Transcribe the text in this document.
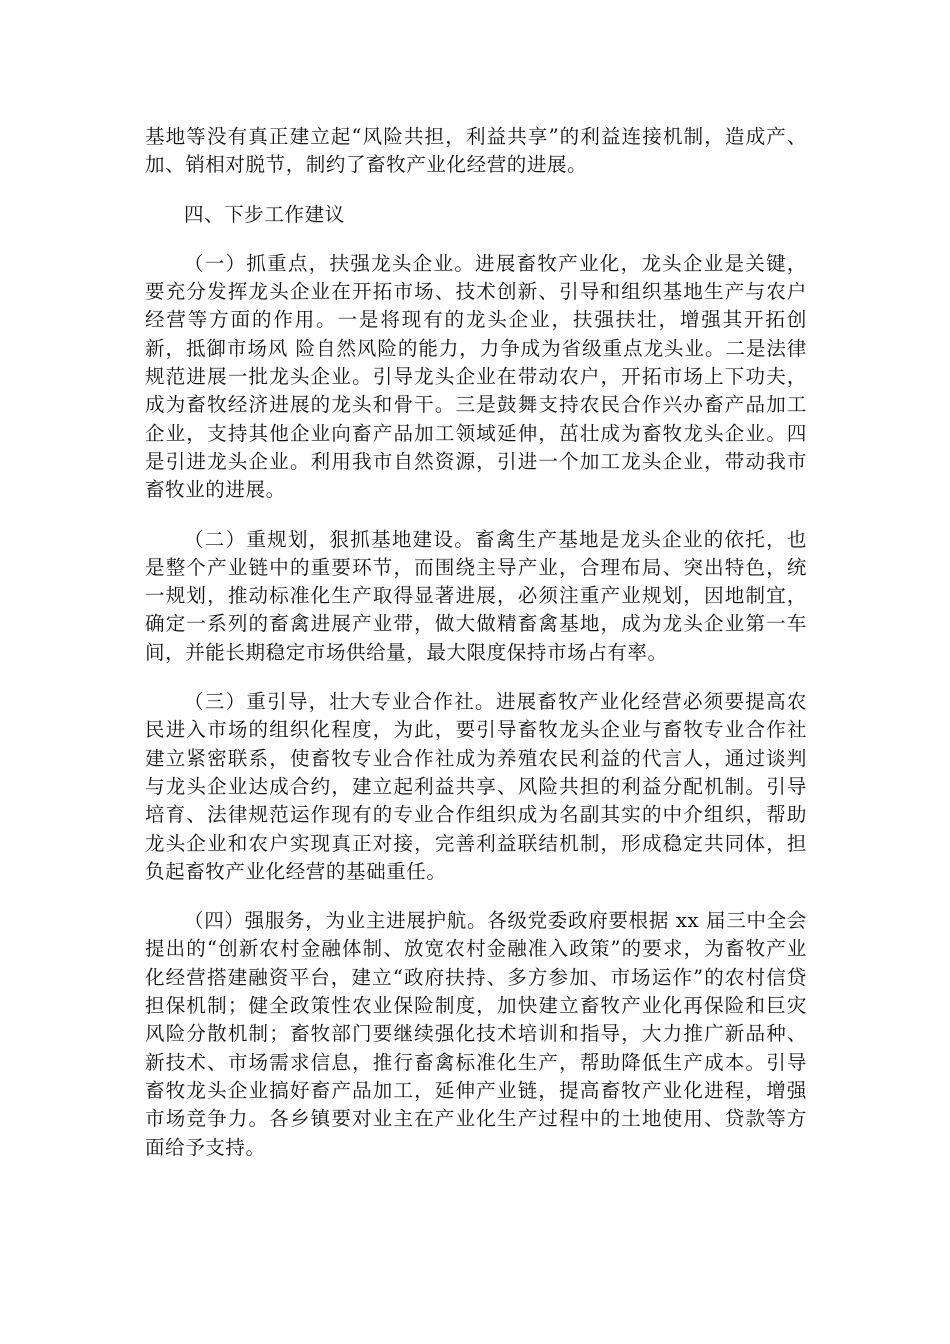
基地等没有真正建立起“风险共担，利益共享”的利益连接机制，造成产、加、销相对脱节，制约了畜牧产业化经营的进展。

四、下步工作建议

（一）抓重点，扶强龙头企业。进展畜牧产业化，龙头企业是关键，要充分发挥龙头企业在开拓市场、技术创新、引导和组织基地生产与农户经营等方面的作用。一是将现有的龙头企业，扶强扶壮，增强其开拓创新，抵御市场风 险自然风险的能力，力争成为省级重点龙头业。二是法律规范进展一批龙头企业。引导龙头企业在带动农户，开拓市场上下功夫，成为畜牧经济进展的龙头和骨干。三是鼓舞支持农民合作兴办畜产品加工企业，支持其他企业向畜产品加工领域延伸，茁壮成为畜牧龙头企业。四是引进龙头企业。利用我市自然资源，引进一个加工龙头企业，带动我市畜牧业的进展。

（二）重规划，狠抓基地建设。畜禽生产基地是龙头企业的依托，也是整个产业链中的重要环节，而围绕主导产业，合理布局、突出特色，统一规划，推动标准化生产取得显著进展，必须注重产业规划，因地制宜，确定一系列的畜禽进展产业带，做大做精畜禽基地，成为龙头企业第一车间，并能长期稳定市场供给量，最大限度保持市场占有率。

（三）重引导，壮大专业合作社。进展畜牧产业化经营必须要提高农民进入市场的组织化程度，为此，要引导畜牧龙头企业与畜牧专业合作社建立紧密联系，使畜牧专业合作社成为养殖农民利益的代言人，通过谈判与龙头企业达成合约，建立起利益共享、风险共担的利益分配机制。引导培育、法律规范运作现有的专业合作组织成为名副其实的中介组织，帮助龙头企业和农户实现真正对接，完善利益联结机制，形成稳定共同体，担负起畜牧产业化经营的基础重任。

（四）强服务，为业主进展护航。各级党委政府要根据 xx 届三中全会提出的“创新农村金融体制、放宽农村金融准入政策”的要求，为畜牧产业化经营搭建融资平台，建立“政府扶持、多方参加、市场运作”的农村信贷担保机制；健全政策性农业保险制度，加快建立畜牧产业化再保险和巨灾风险分散机制；畜牧部门要继续强化技术培训和指导，大力推广新品种、新技术、市场需求信息，推行畜禽标准化生产，帮助降低生产成本。引导畜牧龙头企业搞好畜产品加工，延伸产业链，提高畜牧产业化进程，增强市场竞争力。各乡镇要对业主在产业化生产过程中的土地使用、贷款等方面给予支持。
